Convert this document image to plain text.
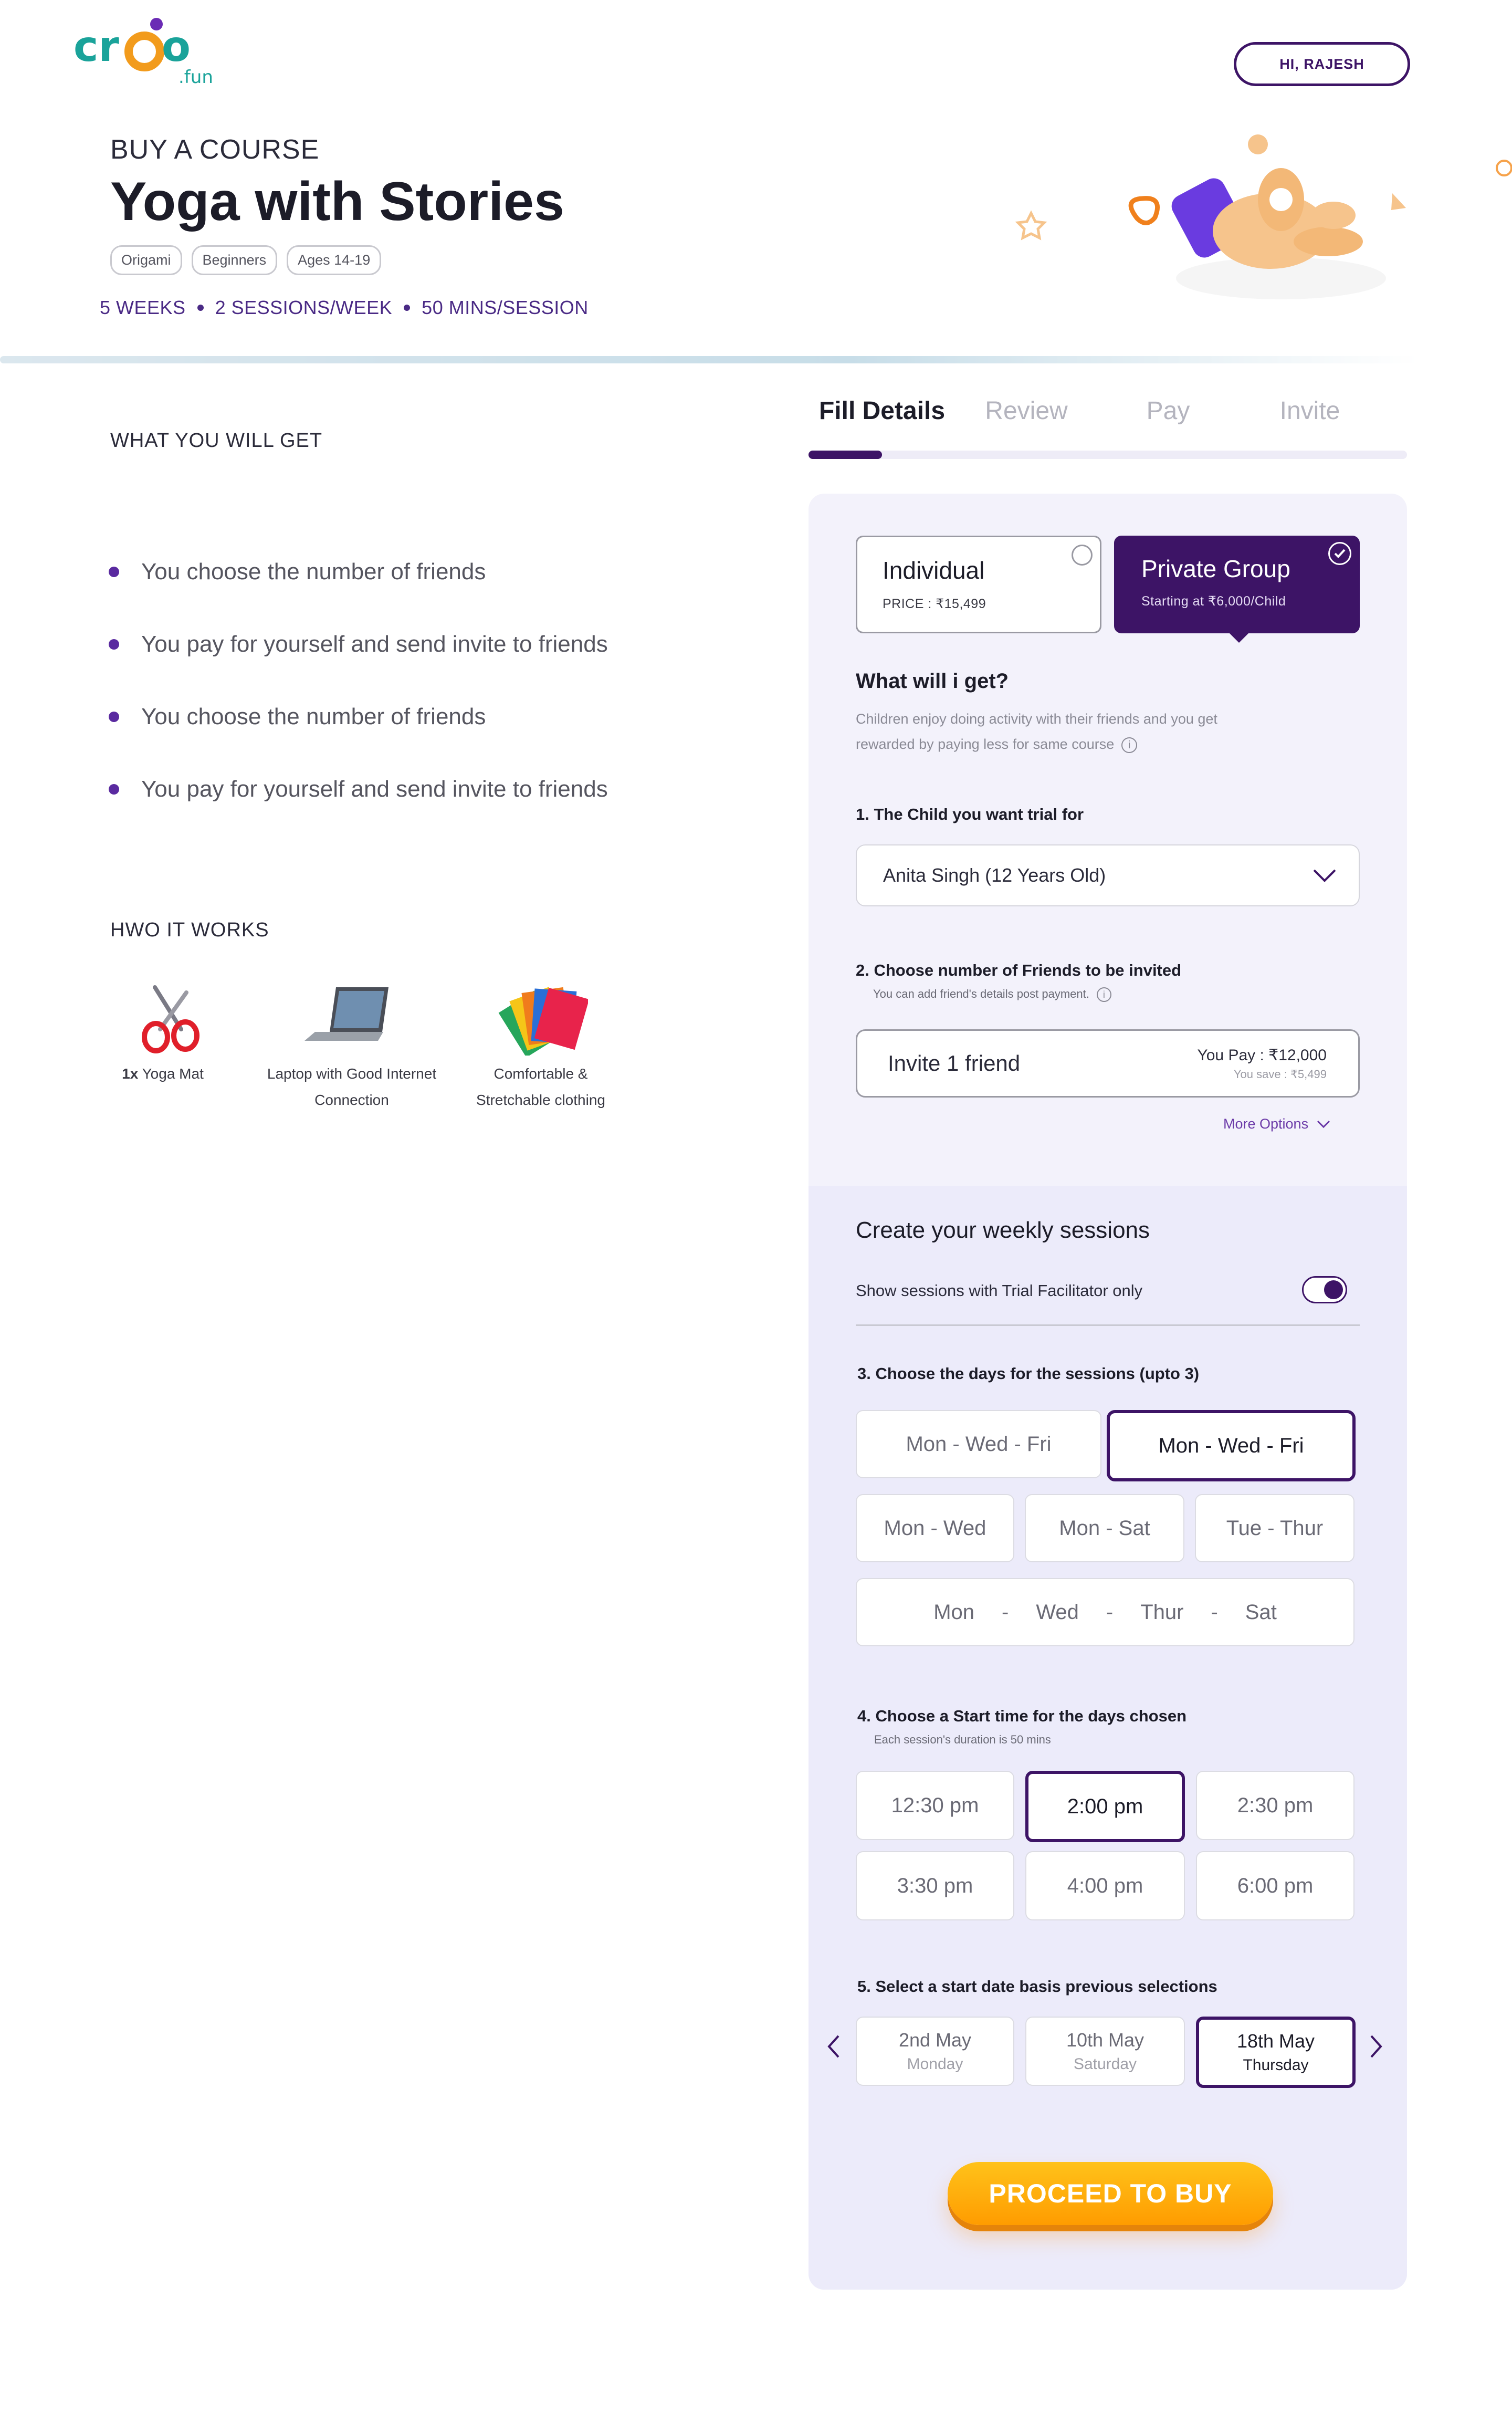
cr o
.fun
HI, RAJESH
BUY A COURSE
Yoga with Stories
Origami	Beginners	Ages 14-19
5 WEEKS 2 SESSIONS/WEEK 50 MINS/SESSION
WHAT YOU WILL GET
You choose the number of friends
You pay for yourself and send invite to friends
You choose the number of friends
You pay for yourself and send invite to friends
HWO IT WORKS
1x Yoga Mat	Laptop with Good Internet
Connection
Comfortable &
Stretchable clothing
Fill Details	Review	Pay	Invite
Individual
PRICE : ₹15,499
Private Group
Starting at ₹6,000/Child
What will i get?
Children enjoy doing activity with their friends and you get
rewarded by paying less for same course i
1. The Child you want trial for
Anita Singh (12 Years Old)
2. Choose number of Friends to be invited
You can add friend's details post payment. i
Invite 1 friend	You Pay : ₹12,000
You save : ₹5,499
More Options
Create your weekly sessions
Show sessions with Trial Facilitator only
3. Choose the days for the sessions (upto 3)
Mon - Wed - Fri	Mon - Wed - Fri
Mon - Wed	Mon - Sat	Tue - Thur
Mon - Wed - Thur - Sat
4. Choose a Start time for the days chosen
Each session's duration is 50 mins
12:30 pm	2:00 pm	2:30 pm
3:30 pm	4:00 pm	6:00 pm
5. Select a start date basis previous selections
2nd May
Monday
10th May
Saturday
18th May
Thursday
PROCEED TO BUY
